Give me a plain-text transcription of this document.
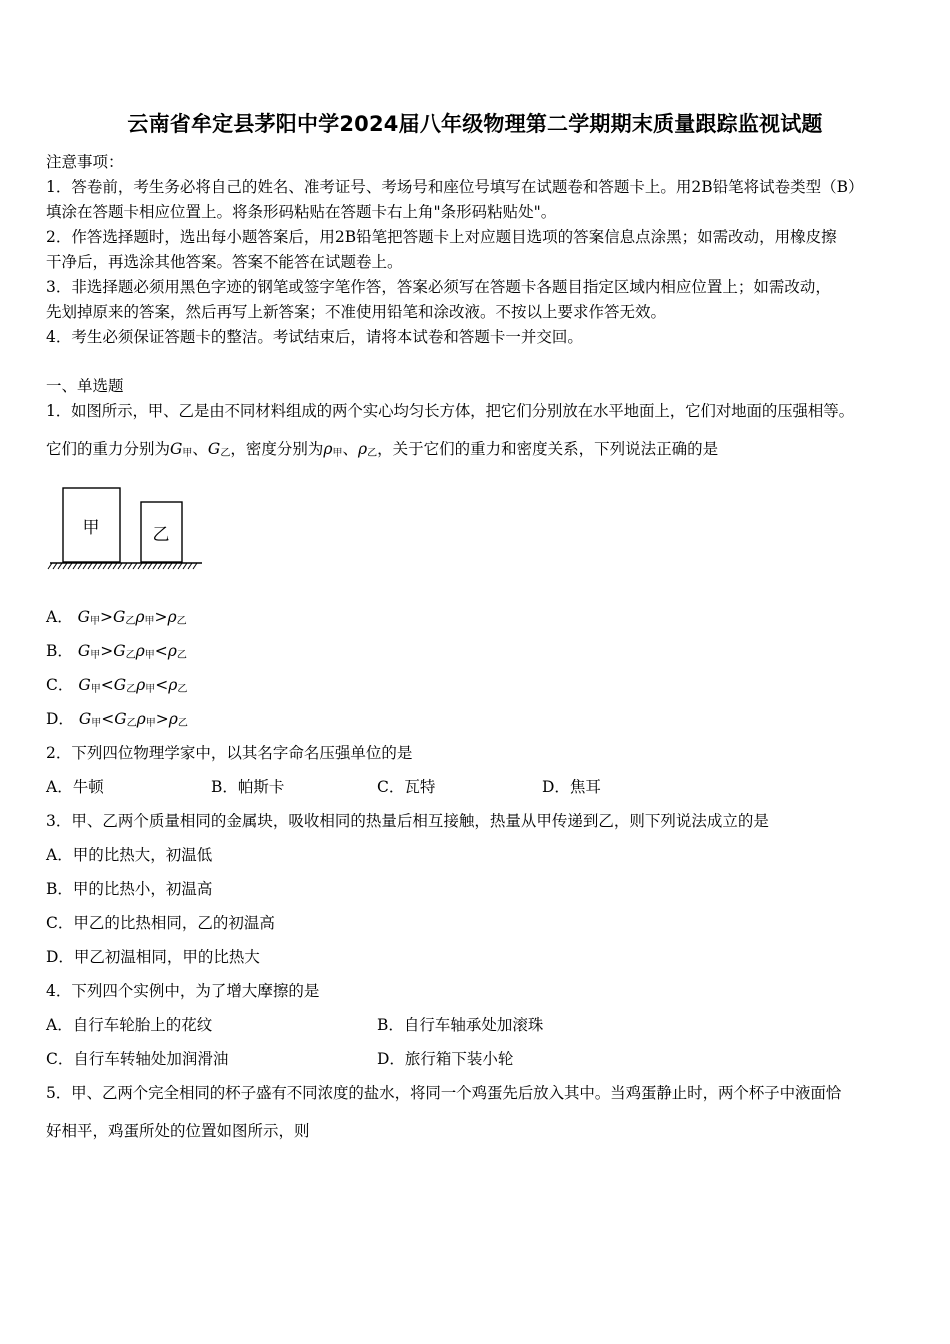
云南省牟定县茅阳中学2024届八年级物理第二学期期末质量跟踪监视试题
注意事项：
1．答卷前，考生务必将自己的姓名、准考证号、考场号和座位号填写在试题卷和答题卡上。用2B铅笔将试卷类型（B）
填涂在答题卡相应位置上。将条形码粘贴在答题卡右上角"条形码粘贴处"。
2．作答选择题时，选出每小题答案后，用2B铅笔把答题卡上对应题目选项的答案信息点涂黑；如需改动，用橡皮擦
干净后，再选涂其他答案。答案不能答在试题卷上。
3．非选择题必须用黑色字迹的钢笔或签字笔作答，答案必须写在答题卡各题目指定区域内相应位置上；如需改动，
先划掉原来的答案，然后再写上新答案；不准使用铅笔和涂改液。不按以上要求作答无效。
4．考生必须保证答题卡的整洁。考试结束后，请将本试卷和答题卡一并交回。
一、单选题
1．如图所示，甲、乙是由不同材料组成的两个实心均匀长方体，把它们分别放在水平地面上，它们对地面的压强相等。
它们的重力分别为$G_甲$、$G_乙$，密度分别为$\rho_甲$、$\rho_乙$，关于它们的重力和密度关系，下列说法正确的是
甲	乙
A． $G_甲>G_乙\rho_甲>\rho_乙$
B． $G_甲>G_乙\rho_甲<\rho_乙$
C． $G_甲<G_乙\rho_甲<\rho_乙$
D． $G_甲<G_乙\rho_甲>\rho_乙$
2．下列四位物理学家中，以其名字命名压强单位的是
A．牛顿	B．帕斯卡	C．瓦特	D．焦耳
3．甲、乙两个质量相同的金属块，吸收相同的热量后相互接触，热量从甲传递到乙，则下列说法成立的是
A．甲的比热大，初温低
B．甲的比热小，初温高
C．甲乙的比热相同，乙的初温高
D．甲乙初温相同，甲的比热大
4．下列四个实例中，为了增大摩擦的是
A．自行车轮胎上的花纹	B．自行车轴承处加滚珠
C．自行车转轴处加润滑油	D．旅行箱下装小轮
5．甲、乙两个完全相同的杯子盛有不同浓度的盐水，将同一个鸡蛋先后放入其中。当鸡蛋静止时，两个杯子中液面恰
好相平，鸡蛋所处的位置如图所示，则
